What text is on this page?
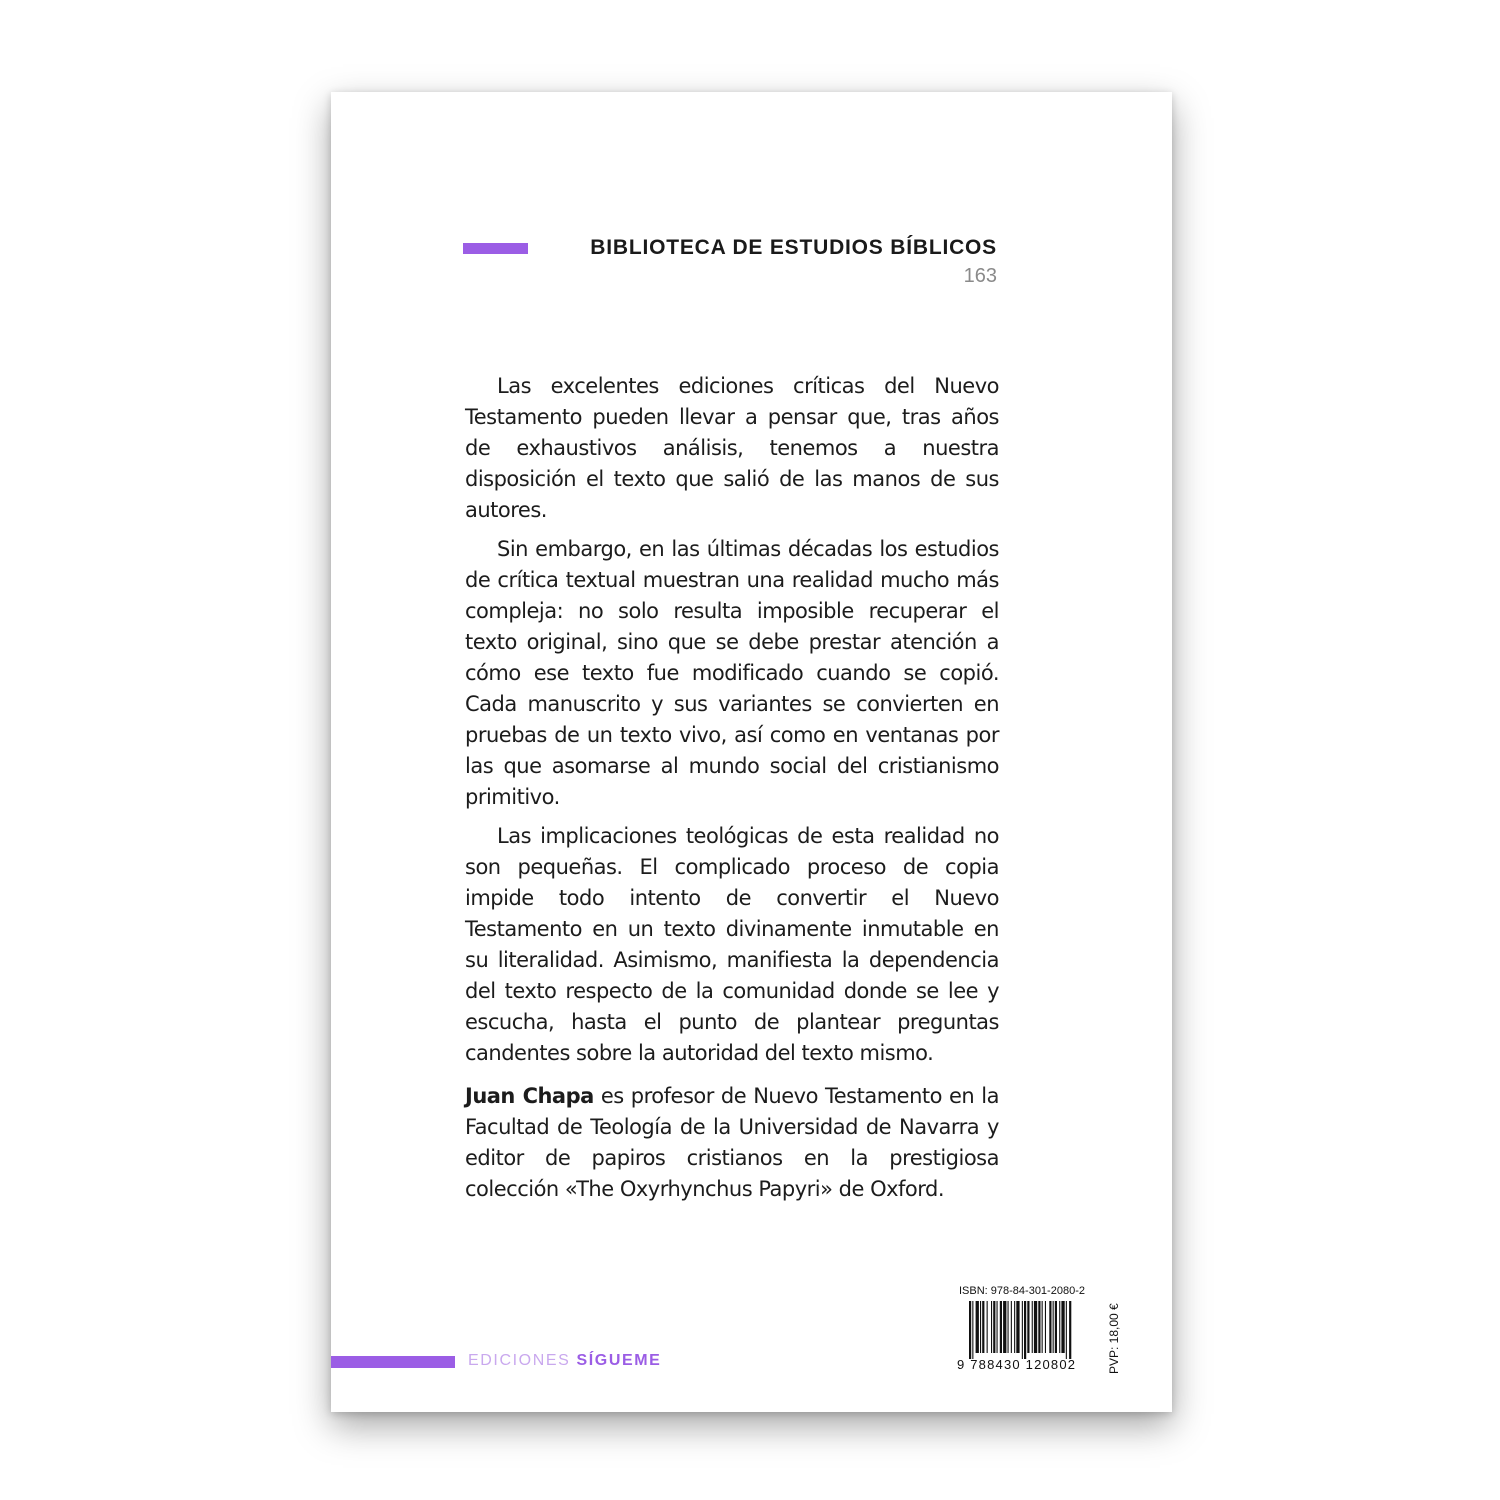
BIBLIOTECA DE ESTUDIOS BÍBLICOS
163

Las excelentes ediciones críticas del Nuevo Testamento pueden llevar a pensar que, tras años de exhaustivos análisis, tenemos a nuestra disposición el texto que salió de las manos de sus autores.

Sin embargo, en las últimas décadas los estudios de crítica textual muestran una realidad mucho más compleja: no solo resulta imposible recuperar el texto original, sino que se debe prestar atención a cómo ese texto fue modificado cuando se copió. Cada manuscrito y sus variantes se convierten en pruebas de un texto vivo, así como en ventanas por las que asomarse al mundo social del cristianismo primitivo.

Las implicaciones teológicas de esta realidad no son pequeñas. El complicado proceso de copia impide todo intento de convertir el Nuevo Testamento en un texto divinamente inmutable en su literalidad. Asimismo, manifiesta la dependencia del texto respecto de la comunidad donde se lee y escucha, hasta el punto de plantear preguntas candentes sobre la autoridad del texto mismo.

Juan Chapa es profesor de Nuevo Testamento en la Facultad de Teología de la Universidad de Navarra y editor de papiros cristianos en la prestigiosa colección «The Oxyrhynchus Papyri» de Oxford.

EDICIONES SÍGUEME
ISBN: 978-84-301-2080-2
9 788430 120802	PVP: 18,00 €
